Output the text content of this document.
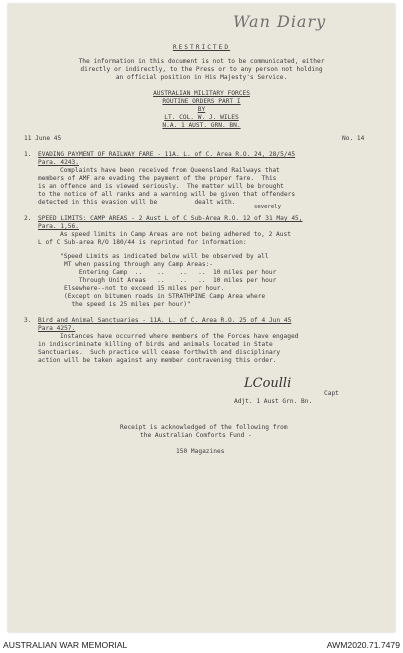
Wan Diary
RESTRICTED
The information in this document is not to be communicated, either
directly or indirectly, to the Press or to any person not holding
an official position in His Majesty's Service.
AUSTRALIAN MILITARY FORCES
ROUTINE ORDERS PART I
BY
LT. COL. W. J. WILES
N.A. 1 AUST. GRN. BN.
11 June 45	No. 14
1. EVADING PAYMENT OF RAILWAY FARE - 11A. L. of C. Area R.O. 24, 28/5/45
Para. 4243.
Complaints have been received from Queensland Railways that
members of AMF are evading the payment of the proper fare.  This
is an offence and is viewed seriously.  The matter will be brought
to the notice of all ranks and a warning will be given that offenders
detected in this evasion will be          dealt with.
severely
2. SPEED LIMITS: CAMP AREAS - 2 Aust L of C Sub-Area R.O. 12 of 31 May 45,
Para. 1,56.
As speed limits in Camp Areas are not being adhered to, 2 Aust
L of C Sub-area R/O 180/44 is reprinted for information:
"Speed Limits as indicated below will be observed by all
MT when passing through any Camp Areas:-
Entering Camp  ..    ..    ..   ..  10 miles per hour
Through Unit Areas   ..    ..   ..  10 miles per hour
Elsewhere--not to exceed 15 miles per hour.
(Except on bitumen roads in STRATHPINE Camp Area where
the speed is 25 miles per hour)"
3. Bird and Animal Sanctuaries - 11A. L. of C. Area R.O. 25 of 4 Jun 45
Para 4257.
Instances have occurred where members of the Forces have engaged
in indiscriminate killing of birds and animals located in State
Sanctuaries.  Such practice will cease forthwith and disciplinary
action will be taken against any member contravening this order.
LCoulli
Capt
Adjt. 1 Aust Grn. Bn.
Receipt is acknowledged of the following from
the Australian Comforts Fund -
150 Magazines
AUSTRALIAN WAR MEMORIAL	AWM2020.71.7479
